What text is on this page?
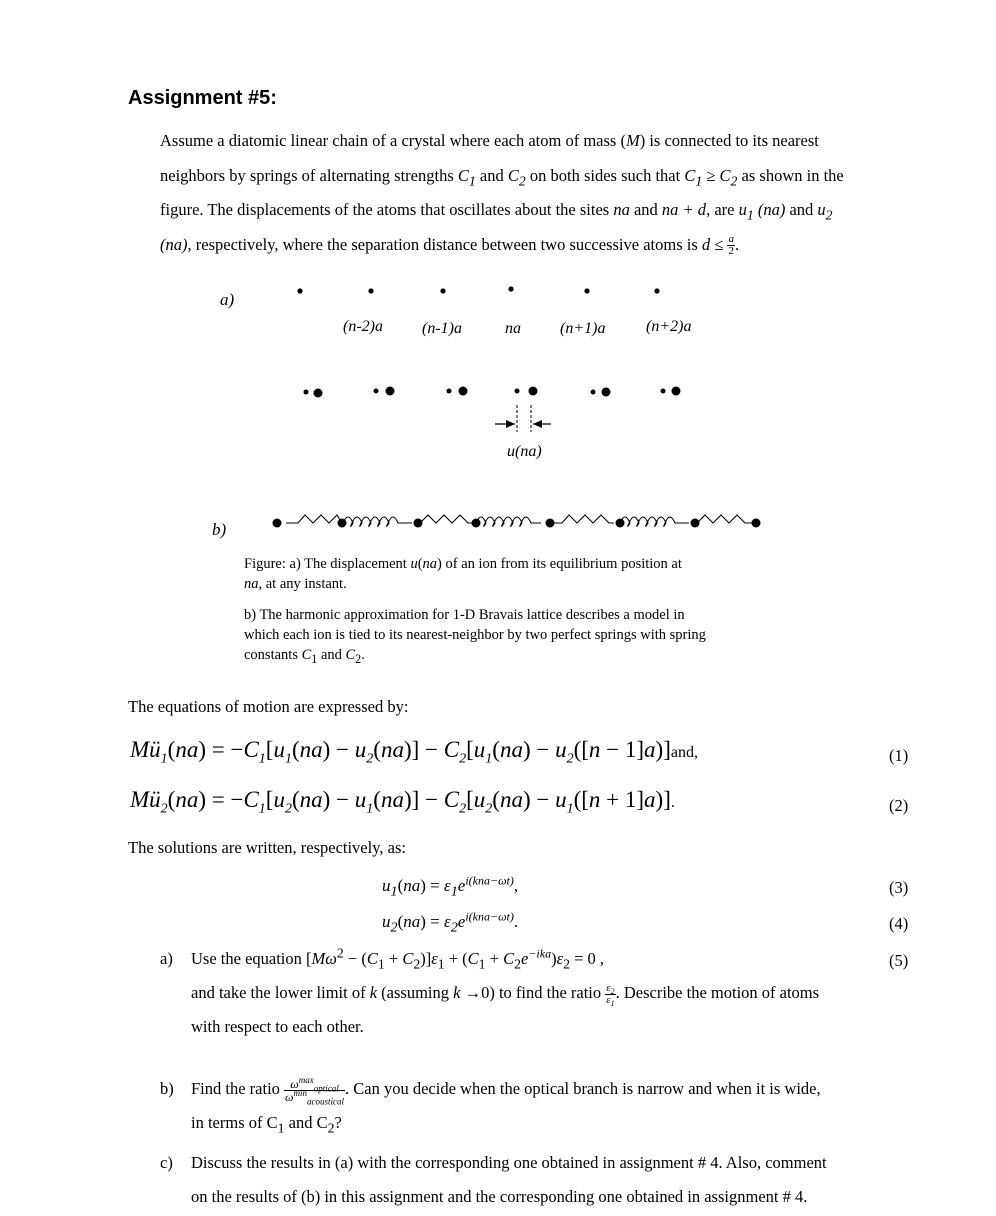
Assignment #5:
Assume a diatomic linear chain of a crystal where each atom of mass (M) is connected to its nearest
neighbors by springs of alternating strengths $C_1$ and $C_2$ on both sides such that $C_1 \ge C_2$ as shown in the
figure. The displacements of the atoms that oscillates about the sites na and na + d, are $u_1$ (na) and $u_2$
(na), respectively, where the separation distance between two successive atoms is $d \le \frac{a}{2}$ .
a)
b)
(n-2)a (n-1)a	na (n+1)a	(n+2)a
u(na)
Figure: a) The displacement u(na) of an ion from its equilibrium position at
na, at any instant.
b) The harmonic approximation for 1-D Bravais lattice describes a model in
which each ion is tied to its nearest-neighbor by two perfect springs with spring
constants $C_1$ and $C_2$.
The equations of motion are expressed by:
$Mü_1(na) = -C_1[u_1(na) - u_2(na)] - C_2[u_1(na) - u_2([n - 1]a)]and$,	(1)
$Mü_2(na) = -C_1[u_2(na) - u_1(na)] - C_2[u_2(na) - u_1([n + 1]a)]$.	(2)
The solutions are written, respectively, as:
$u_1(na) = \varepsilon_1e^{i(kna-\omega t)}$,	(3)
$u_2(na) = \varepsilon_2e^{i(kna-\omega t)}$.	(4)
a) Use the equation $[M\omega^2 - (C_1 + C_2)]\varepsilon_1 + (C_1 + C_2e^{-ika})\varepsilon_2 = 0$ ,
and take the lower limit of k (assuming k →0) to find the ratio $\frac{\varepsilon_2}{\varepsilon_1}$ . Describe the motion of atoms
with respect to each other.
(5)
b) Find the ratio $\frac{\omega^{max}_{optical}}{\omega^{min}_{acoustical}}$ . Can you decide when the optical branch is narrow and when it is wide,
in terms of $C_1$ and $C_2$?
c) Discuss the results in (a) with the corresponding one obtained in assignment # 4. Also, comment
on the results of (b) in this assignment and the corresponding one obtained in assignment # 4.
